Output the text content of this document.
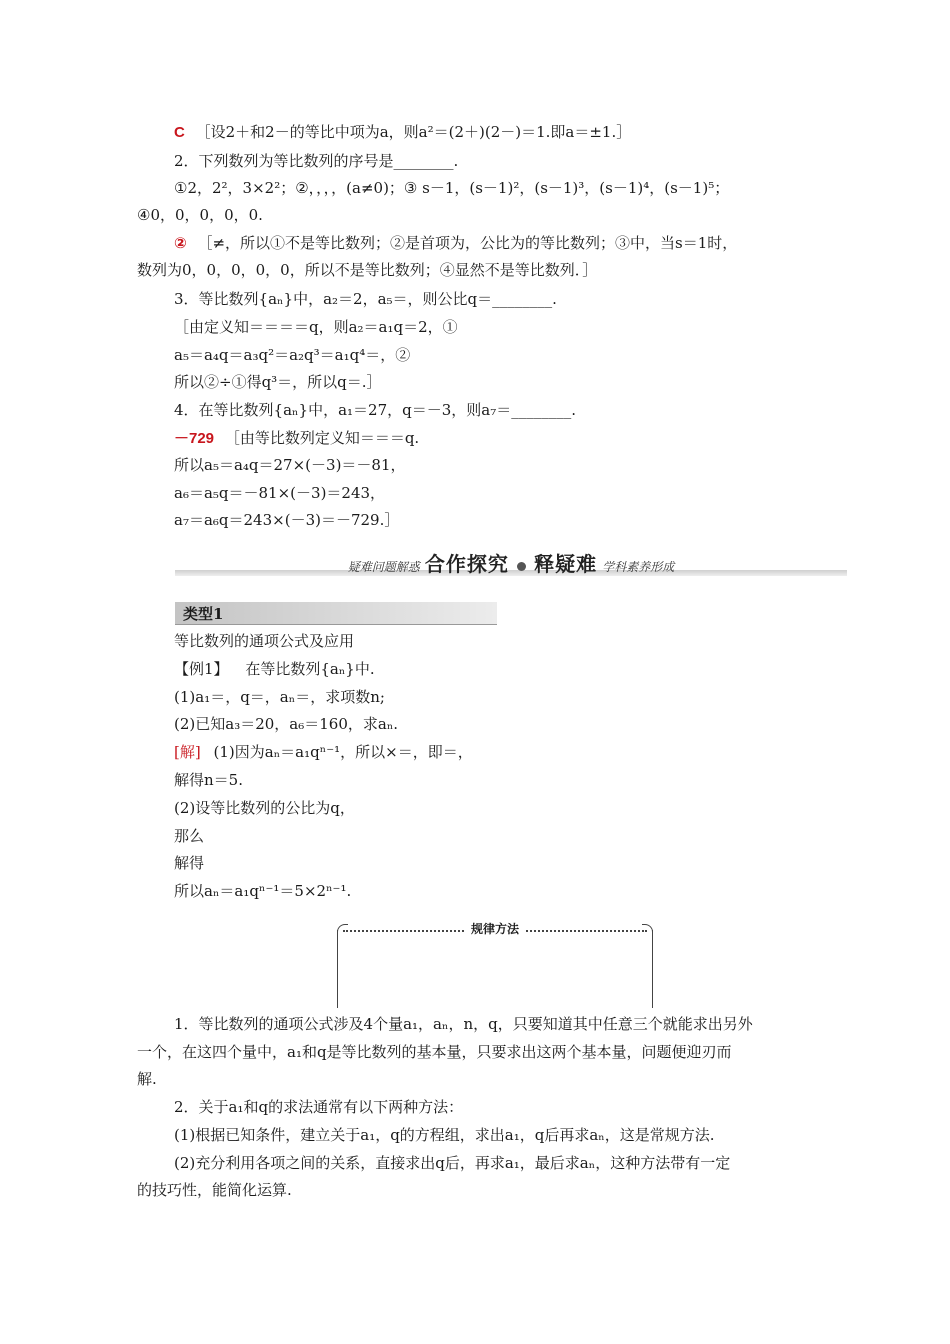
C ［设2＋和2－的等比中项为a，则a²＝(2＋)(2－)＝1.即a＝±1.］
2．下列数列为等比数列的序号是________.
①2，2²，3×2²；②，，，，(a≠0)；③ s－1，(s－1)²，(s－1)³，(s－1)⁴，(s－1)⁵；
④0，0，0，0，0.
② ［≠，所以①不是等比数列；②是首项为，公比为的等比数列；③中，当s＝1时，
数列为0，0，0，0，0，所以不是等比数列；④显然不是等比数列．］
3．等比数列{aₙ}中，a₂＝2，a₅＝，则公比q＝________.
［由定义知＝＝＝＝q，则a₂＝a₁q＝2，①
a₅＝a₄q＝a₃q²＝a₂q³＝a₁q⁴＝，②
所以②÷①得q³＝，所以q＝.］
4．在等比数列{aₙ}中，a₁＝27，q＝－3，则a₇＝________.
－729 ［由等比数列定义知＝＝＝q.
所以a₅＝a₄q＝27×(－3)＝－81，
a₆＝a₅q＝－81×(－3)＝243，
a₇＝a₆q＝243×(－3)＝－729.］
疑难问题解惑 合作探究 释疑难 学科素养形成
类型1
等比数列的通项公式及应用
【例1】 在等比数列{aₙ}中.
(1)a₁＝，q＝，aₙ＝，求项数n;
(2)已知a₃＝20，a₆＝160，求aₙ.
[解] (1)因为aₙ＝a₁qⁿ⁻¹，所以×＝，即＝，
解得n＝5.
(2)设等比数列的公比为q，
那么
解得
所以aₙ＝a₁qⁿ⁻¹＝5×2ⁿ⁻¹.
规律方法
1．等比数列的通项公式涉及4个量a₁，aₙ，n，q，只要知道其中任意三个就能求出另外
一个，在这四个量中，a₁和q是等比数列的基本量，只要求出这两个基本量，问题便迎刃而
解.
2．关于a₁和q的求法通常有以下两种方法：
(1)根据已知条件，建立关于a₁，q的方程组，求出a₁，q后再求aₙ，这是常规方法.
(2)充分利用各项之间的关系，直接求出q后，再求a₁，最后求aₙ，这种方法带有一定
的技巧性，能简化运算.
